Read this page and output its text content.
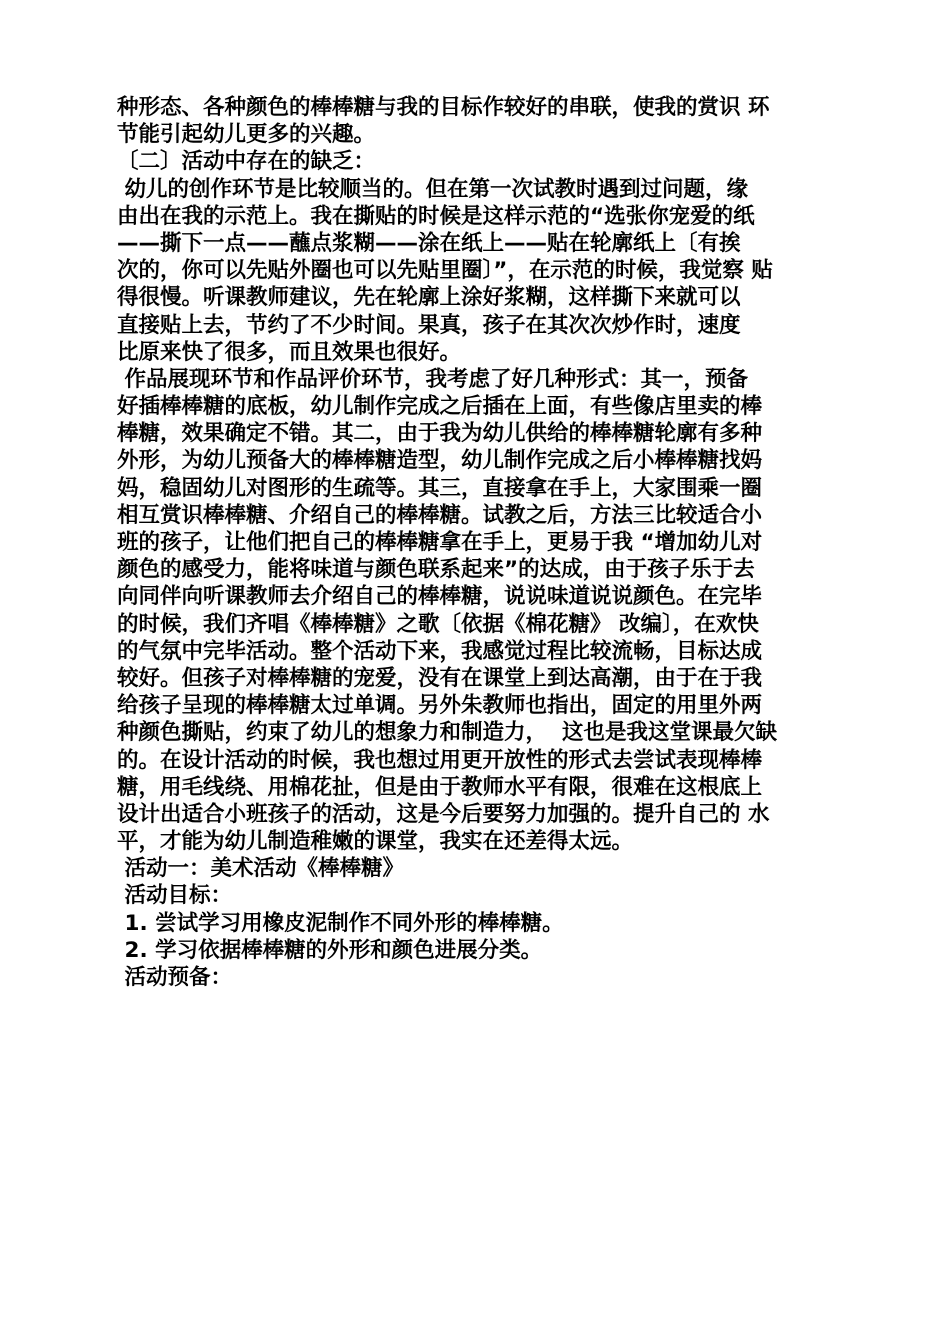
种形态、各种颜色的棒棒糖与我的目标作较好的串联，使我的赏识 环
节能引起幼儿更多的兴趣。
〔二〕活动中存在的缺乏：
幼儿的创作环节是比较顺当的。但在第一次试教时遇到过问题，缘
由出在我的示范上。我在撕贴的时候是这样示范的“选张你宠爱的纸
——撕下一点——蘸点浆糊——涂在纸上——贴在轮廓纸上〔有挨
次的，你可以先贴外圈也可以先贴里圈〕”，在示范的时候，我觉察 贴
得很慢。听课教师建议，先在轮廓上涂好浆糊，这样撕下来就可以
直接贴上去，节约了不少时间。果真，孩子在其次次炒作时，速度
比原来快了很多，而且效果也很好。
作品展现环节和作品评价环节，我考虑了好几种形式：其一，预备
好插棒棒糖的底板，幼儿制作完成之后插在上面，有些像店里卖的棒
棒糖，效果确定不错。其二，由于我为幼儿供给的棒棒糖轮廓有多种
外形，为幼儿预备大的棒棒糖造型，幼儿制作完成之后小棒棒糖找妈
妈，稳固幼儿对图形的生疏等。其三，直接拿在手上，大家围乘一圈
相互赏识棒棒糖、介绍自己的棒棒糖。试教之后，方法三比较适合小
班的孩子，让他们把自己的棒棒糖拿在手上，更易于我 “增加幼儿对
颜色的感受力，能将味道与颜色联系起来”的达成，由于孩子乐于去
向同伴向听课教师去介绍自己的棒棒糖，说说味道说说颜色。在完毕
的时候，我们齐唱《棒棒糖》之歌〔依据《棉花糖》 改编〕，在欢快
的气氛中完毕活动。整个活动下来，我感觉过程比较流畅，目标达成
较好。但孩子对棒棒糖的宠爱，没有在课堂上到达高潮，由于在于我
给孩子呈现的棒棒糖太过单调。另外朱教师也指出，固定的用里外两
种颜色撕贴，约束了幼儿的想象力和制造力，  这也是我这堂课最欠缺
的。在设计活动的时候，我也想过用更开放性的形式去尝试表现棒棒
糖，用毛线绕、用棉花扯，但是由于教师水平有限，很难在这根底上
设计出适合小班孩子的活动，这是今后要努力加强的。提升自己的 水
平，才能为幼儿制造稚嫩的课堂，我实在还差得太远。
活动一：美术活动《棒棒糖》
活动目标：
1. 尝试学习用橡皮泥制作不同外形的棒棒糖。
2. 学习依据棒棒糖的外形和颜色进展分类。
活动预备：
